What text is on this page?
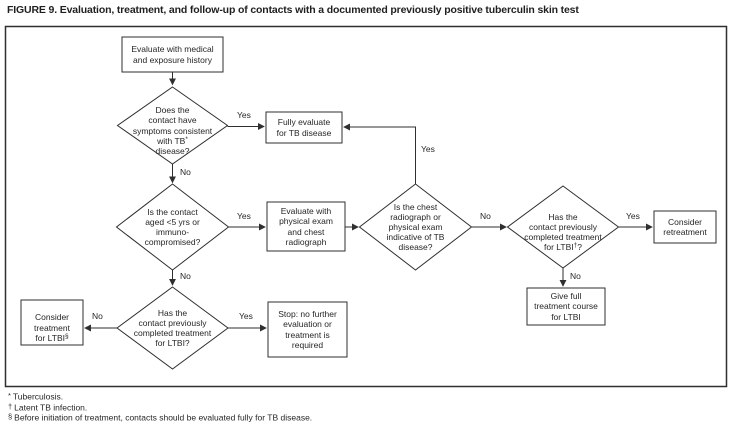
FIGURE 9. Evaluation, treatment, and follow-up of contacts with a documented previously positive tuberculin skin test
Evaluate with medical
and exposure history

Does the
contact have
symptoms consistent
with TB*
disease?

Fully evaluate
for TB disease
Is the contact
aged <5 yrs or
immuno-
compromised?
Evaluate with
physical exam
and chest
radiograph
Is the chest
radiograph or
physical exam
indicative of TB
disease?

Has the
contact previously
completed treatment
for LTBI†?

Consider
retreatment
Give full
treatment course
for LTBI
Has the
contact previously
completed treatment
for LTBI?

Consider
treatment
for LTBI§

Stop: no further
evaluation or
treatment is
required
Yes
No
Yes
Yes
No	Yes
No
No
No	Yes
* Tuberculosis.
† Latent TB infection.
§ Before initiation of treatment, contacts should be evaluated fully for TB disease.
